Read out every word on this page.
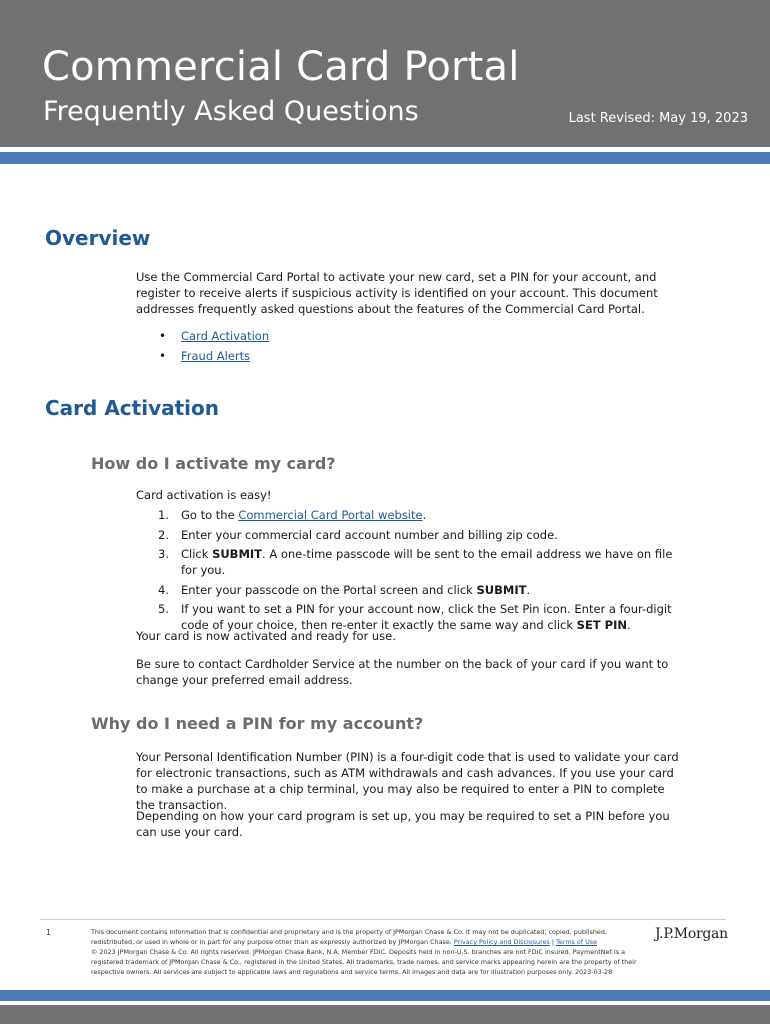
Commercial Card Portal
Frequently Asked Questions	Last Revised: May 19, 2023
Overview

Use the Commercial Card Portal to activate your new card, set a PIN for your account, and register to receive alerts if suspicious activity is identified on your account. This document addresses frequently asked questions about the features of the Commercial Card Portal.

• Card Activation
• Fraud Alerts
Card Activation
How do I activate my card?

Card activation is easy!

1. Go to the Commercial Card Portal website.
2. Enter your commercial card account number and billing zip code.
3. Click SUBMIT. A one-time passcode will be sent to the email address we have on file for you.
4. Enter your passcode on the Portal screen and click SUBMIT.
5. If you want to set a PIN for your account now, click the Set Pin icon. Enter a four-digit code of your choice, then re-enter it exactly the same way and click SET PIN.

Your card is now activated and ready for use.

Be sure to contact Cardholder Service at the number on the back of your card if you want to change your preferred email address.

Why do I need a PIN for my account?

Your Personal Identification Number (PIN) is a four-digit code that is used to validate your card for electronic transactions, such as ATM withdrawals and cash advances. If you use your card to make a purchase at a chip terminal, you may also be required to enter a PIN to complete the transaction.

Depending on how your card program is set up, you may be required to set a PIN before you can use your card.

1	This document contains information that is confidential and proprietary and is the property of JPMorgan Chase & Co. It may not be duplicated, copied, published, redistributed, or used in whole or in part for any purpose other than as expressly authorized by JPMorgan Chase. Privacy Policy and Disclosures | Terms of Use
© 2023 JPMorgan Chase & Co. All rights reserved. JPMorgan Chase Bank, N.A. Member FDIC. Deposits held in non-U.S. branches are not FDIC insured. PaymentNet is a registered trademark of JPMorgan Chase & Co., registered in the United States. All trademarks, trade names, and service marks appearing herein are the property of their respective owners. All services are subject to applicable laws and regulations and service terms. All images and data are for illustration purposes only. 2023-03-28
J.P.Morgan
